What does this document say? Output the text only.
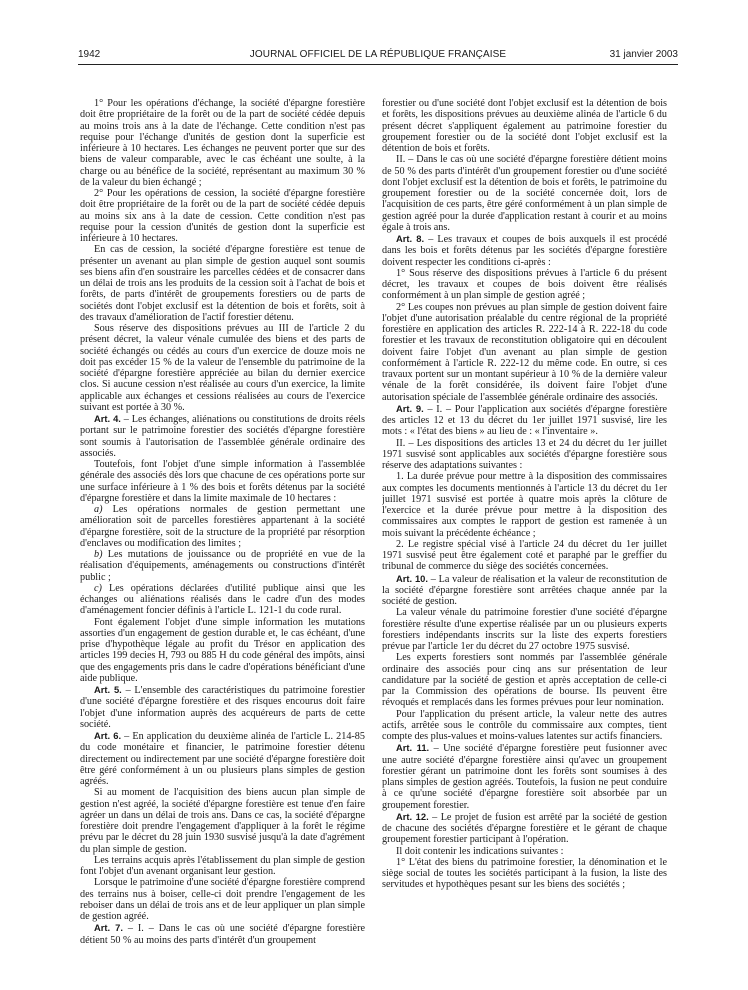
1942	JOURNAL OFFICIEL DE LA RÉPUBLIQUE FRANÇAISE	31 janvier 2003

1° Pour les opérations d'échange, la société d'épargne forestière doit être propriétaire de la forêt ou de la part de société cédée depuis au moins trois ans à la date de l'échange. Cette condition n'est pas requise pour l'échange d'unités de gestion dont la superficie est inférieure à 10 hectares. Les échanges ne peuvent porter que sur des biens de valeur comparable, avec le cas échéant une soulte, à la charge ou au bénéfice de la société, représentant au maximum 30 % de la valeur du bien échangé ;

2° Pour les opérations de cession, la société d'épargne forestière doit être propriétaire de la forêt ou de la part de société cédée depuis au moins six ans à la date de cession. Cette condition n'est pas requise pour la cession d'unités de gestion dont la superficie est inférieure à 10 hectares.

En cas de cession, la société d'épargne forestière est tenue de présenter un avenant au plan simple de gestion auquel sont soumis ses biens afin d'en soustraire les parcelles cédées et de consacrer dans un délai de trois ans les produits de la cession soit à l'achat de bois et forêts, de parts d'intérêt de groupements forestiers ou de parts de sociétés dont l'objet exclusif est la détention de bois et forêts, soit à des travaux d'amélioration de l'actif forestier détenu.

Sous réserve des dispositions prévues au III de l'article 2 du présent décret, la valeur vénale cumulée des biens et des parts de société échangés ou cédés au cours d'un exercice de douze mois ne doit pas excéder 15 % de la valeur de l'ensemble du patrimoine de la société d'épargne forestière appréciée au bilan du dernier exercice clos. Si aucune cession n'est réalisée au cours d'un exercice, la limite applicable aux échanges et cessions réalisées au cours de l'exercice suivant est portée à 30 %.

Art. 4. – Les échanges, aliénations ou constitutions de droits réels portant sur le patrimoine forestier des sociétés d'épargne forestière sont soumis à l'autorisation de l'assemblée générale ordinaire des associés.

Toutefois, font l'objet d'une simple information à l'assemblée générale des associés dès lors que chacune de ces opérations porte sur une surface inférieure à 1 % des bois et forêts détenus par la société d'épargne forestière et dans la limite maximale de 10 hectares :

a) Les opérations normales de gestion permettant une amélioration soit de parcelles forestières appartenant à la société d'épargne forestière, soit de la structure de la propriété par résorption d'enclaves ou modification des limites ;

b) Les mutations de jouissance ou de propriété en vue de la réalisation d'équipements, aménagements ou constructions d'intérêt public ;

c) Les opérations déclarées d'utilité publique ainsi que les échanges ou aliénations réalisés dans le cadre d'un des modes d'aménagement foncier définis à l'article L. 121-1 du code rural.

Font également l'objet d'une simple information les mutations assorties d'un engagement de gestion durable et, le cas échéant, d'une prise d'hypothèque légale au profit du Trésor en application des articles 199 decies H, 793 ou 885 H du code général des impôts, ainsi que des engagements pris dans le cadre d'opérations bénéficiant d'une aide publique.

Art. 5. – L'ensemble des caractéristiques du patrimoine forestier d'une société d'épargne forestière et des risques encourus doit faire l'objet d'une information auprès des acquéreurs de parts de cette société.

Art. 6. – En application du deuxième alinéa de l'article L. 214-85 du code monétaire et financier, le patrimoine forestier détenu directement ou indirectement par une société d'épargne forestière doit être géré conformément à un ou plusieurs plans simples de gestion agréés.

Si au moment de l'acquisition des biens aucun plan simple de gestion n'est agréé, la société d'épargne forestière est tenue d'en faire agréer un dans un délai de trois ans. Dans ce cas, la société d'épargne forestière doit prendre l'engagement d'appliquer à la forêt le régime prévu par le décret du 28 juin 1930 susvisé jusqu'à la date d'agrément du plan simple de gestion.

Les terrains acquis après l'établissement du plan simple de gestion font l'objet d'un avenant organisant leur gestion.

Lorsque le patrimoine d'une société d'épargne forestière comprend des terrains nus à boiser, celle-ci doit prendre l'engagement de les reboiser dans un délai de trois ans et de leur appliquer un plan simple de gestion agréé.

Art. 7. – I. – Dans le cas où une société d'épargne forestière détient 50 % au moins des parts d'intérêt d'un groupement

forestier ou d'une société dont l'objet exclusif est la détention de bois et forêts, les dispositions prévues au deuxième alinéa de l'article 6 du présent décret s'appliquent également au patrimoine forestier du groupement forestier ou de la société dont l'objet exclusif est la détention de bois et forêts.

II. – Dans le cas où une société d'épargne forestière détient moins de 50 % des parts d'intérêt d'un groupement forestier ou d'une société dont l'objet exclusif est la détention de bois et forêts, le patrimoine du groupement forestier ou de la société concernée doit, lors de l'acquisition de ces parts, être géré conformément à un plan simple de gestion agréé pour la durée d'application restant à courir et au moins égale à trois ans.

Art. 8. – Les travaux et coupes de bois auxquels il est procédé dans les bois et forêts détenus par les sociétés d'épargne forestière doivent respecter les conditions ci-après :

1° Sous réserve des dispositions prévues à l'article 6 du présent décret, les travaux et coupes de bois doivent être réalisés conformément à un plan simple de gestion agréé ;

2° Les coupes non prévues au plan simple de gestion doivent faire l'objet d'une autorisation préalable du centre régional de la propriété forestière en application des articles R. 222-14 à R. 222-18 du code forestier et les travaux de reconstitution obligatoire qui en découlent doivent faire l'objet d'un avenant au plan simple de gestion conformément à l'article R. 222-12 du même code. En outre, si ces travaux portent sur un montant supérieur à 10 % de la dernière valeur vénale de la forêt considérée, ils doivent faire l'objet d'une autorisation spéciale de l'assemblée générale ordinaire des associés.

Art. 9. – I. – Pour l'application aux sociétés d'épargne forestière des articles 12 et 13 du décret du 1er juillet 1971 susvisé, lire les mots : « l'état des biens » au lieu de : « l'inventaire ».

II. – Les dispositions des articles 13 et 24 du décret du 1er juillet 1971 susvisé sont applicables aux sociétés d'épargne forestière sous réserve des adaptations suivantes :

1. La durée prévue pour mettre à la disposition des commissaires aux comptes les documents mentionnés à l'article 13 du décret du 1er juillet 1971 susvisé est portée à quatre mois après la clôture de l'exercice et la durée prévue pour mettre à la disposition des commissaires aux comptes le rapport de gestion est ramenée à un mois suivant la précédente échéance ;

2. Le registre spécial visé à l'article 24 du décret du 1er juillet 1971 susvisé peut être également coté et paraphé par le greffier du tribunal de commerce du siège des sociétés concernées.

Art. 10. – La valeur de réalisation et la valeur de reconstitution de la société d'épargne forestière sont arrêtées chaque année par la société de gestion.

La valeur vénale du patrimoine forestier d'une société d'épargne forestière résulte d'une expertise réalisée par un ou plusieurs experts forestiers indépendants inscrits sur la liste des experts forestiers prévue par l'article 1er du décret du 27 octobre 1975 susvisé.

Les experts forestiers sont nommés par l'assemblée générale ordinaire des associés pour cinq ans sur présentation de leur candidature par la société de gestion et après acceptation de celle-ci par la Commission des opérations de bourse. Ils peuvent être révoqués et remplacés dans les formes prévues pour leur nomination.

Pour l'application du présent article, la valeur nette des autres actifs, arrêtée sous le contrôle du commissaire aux comptes, tient compte des plus-values et moins-values latentes sur actifs financiers.

Art. 11. – Une société d'épargne forestière peut fusionner avec une autre société d'épargne forestière ainsi qu'avec un groupement forestier gérant un patrimoine dont les forêts sont soumises à des plans simples de gestion agréés. Toutefois, la fusion ne peut conduire à ce qu'une société d'épargne forestière soit absorbée par un groupement forestier.

Art. 12. – Le projet de fusion est arrêté par la société de gestion de chacune des sociétés d'épargne forestière et le gérant de chaque groupement forestier participant à l'opération.

Il doit contenir les indications suivantes :

1° L'état des biens du patrimoine forestier, la dénomination et le siège social de toutes les sociétés participant à la fusion, la liste des servitudes et hypothèques pesant sur les biens des sociétés ;
